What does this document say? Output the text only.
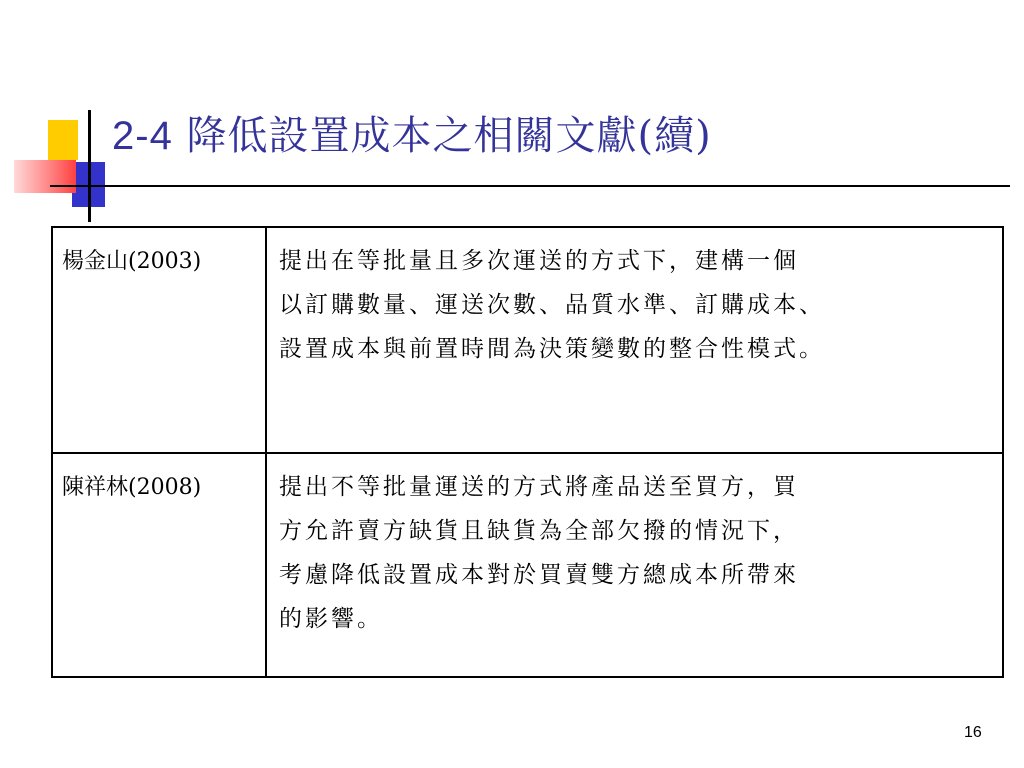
2-4 降低設置成本之相關文獻(續)
楊金山(2003)	提出在等批量且多次運送的方式下，建構一個
以訂購數量、運送次數、品質水準、訂購成本、
設置成本與前置時間為決策變數的整合性模式。

陳祥林(2008)	提出不等批量運送的方式將產品送至買方，買
方允許賣方缺貨且缺貨為全部欠撥的情況下，
考慮降低設置成本對於買賣雙方總成本所帶來
的影響。
16
